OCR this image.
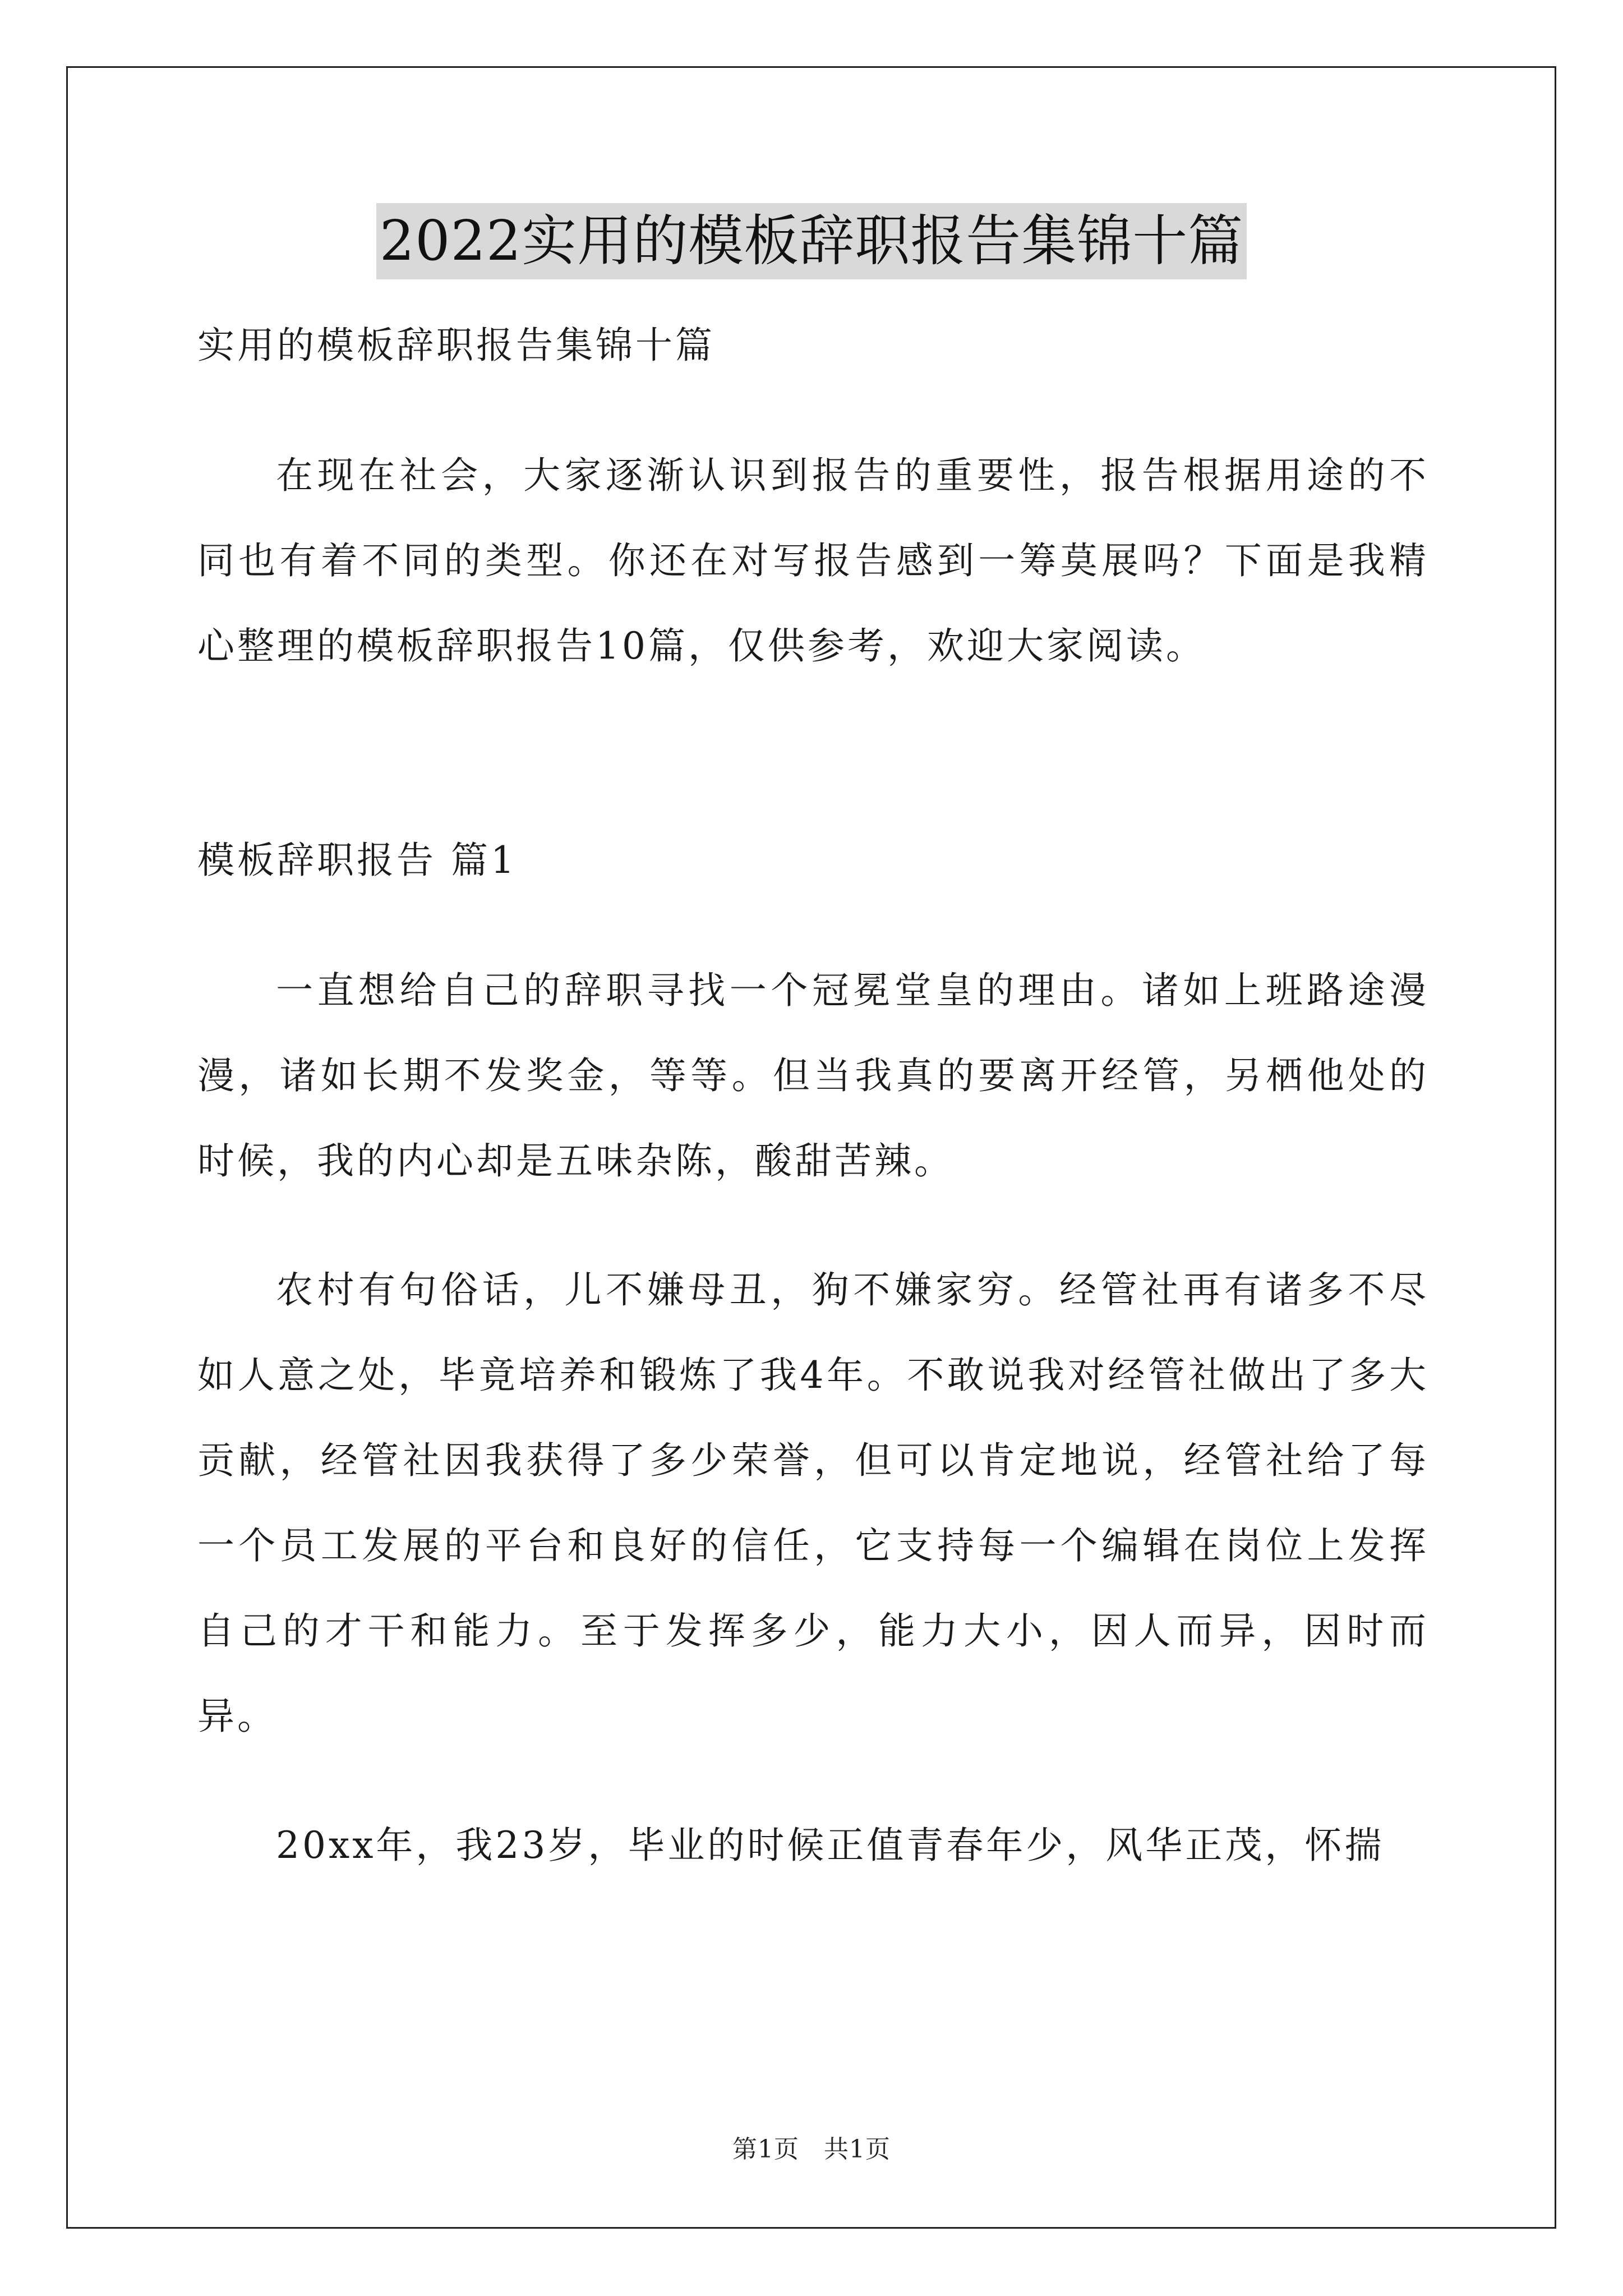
2022实用的模板辞职报告集锦十篇

实用的模板辞职报告集锦十篇

在现在社会，大家逐渐认识到报告的重要性，报告根据用途的不同也有着不同的类型。你还在对写报告感到一筹莫展吗？下面是我精心整理的模板辞职报告10篇，仅供参考，欢迎大家阅读。

模板辞职报告 篇1

一直想给自己的辞职寻找一个冠冕堂皇的理由。诸如上班路途漫漫，诸如长期不发奖金，等等。但当我真的要离开经管，另栖他处的时候，我的内心却是五味杂陈，酸甜苦辣。

农村有句俗话，儿不嫌母丑，狗不嫌家穷。经管社再有诸多不尽如人意之处，毕竟培养和锻炼了我4年。不敢说我对经管社做出了多大贡献，经管社因我获得了多少荣誉，但可以肯定地说，经管社给了每一个员工发展的平台和良好的信任，它支持每一个编辑在岗位上发挥自己的才干和能力。至于发挥多少，能力大小，因人而异，因时而异。

20xx年，我23岁，毕业的时候正值青春年少，风华正茂，怀揣

第1页 共1页
